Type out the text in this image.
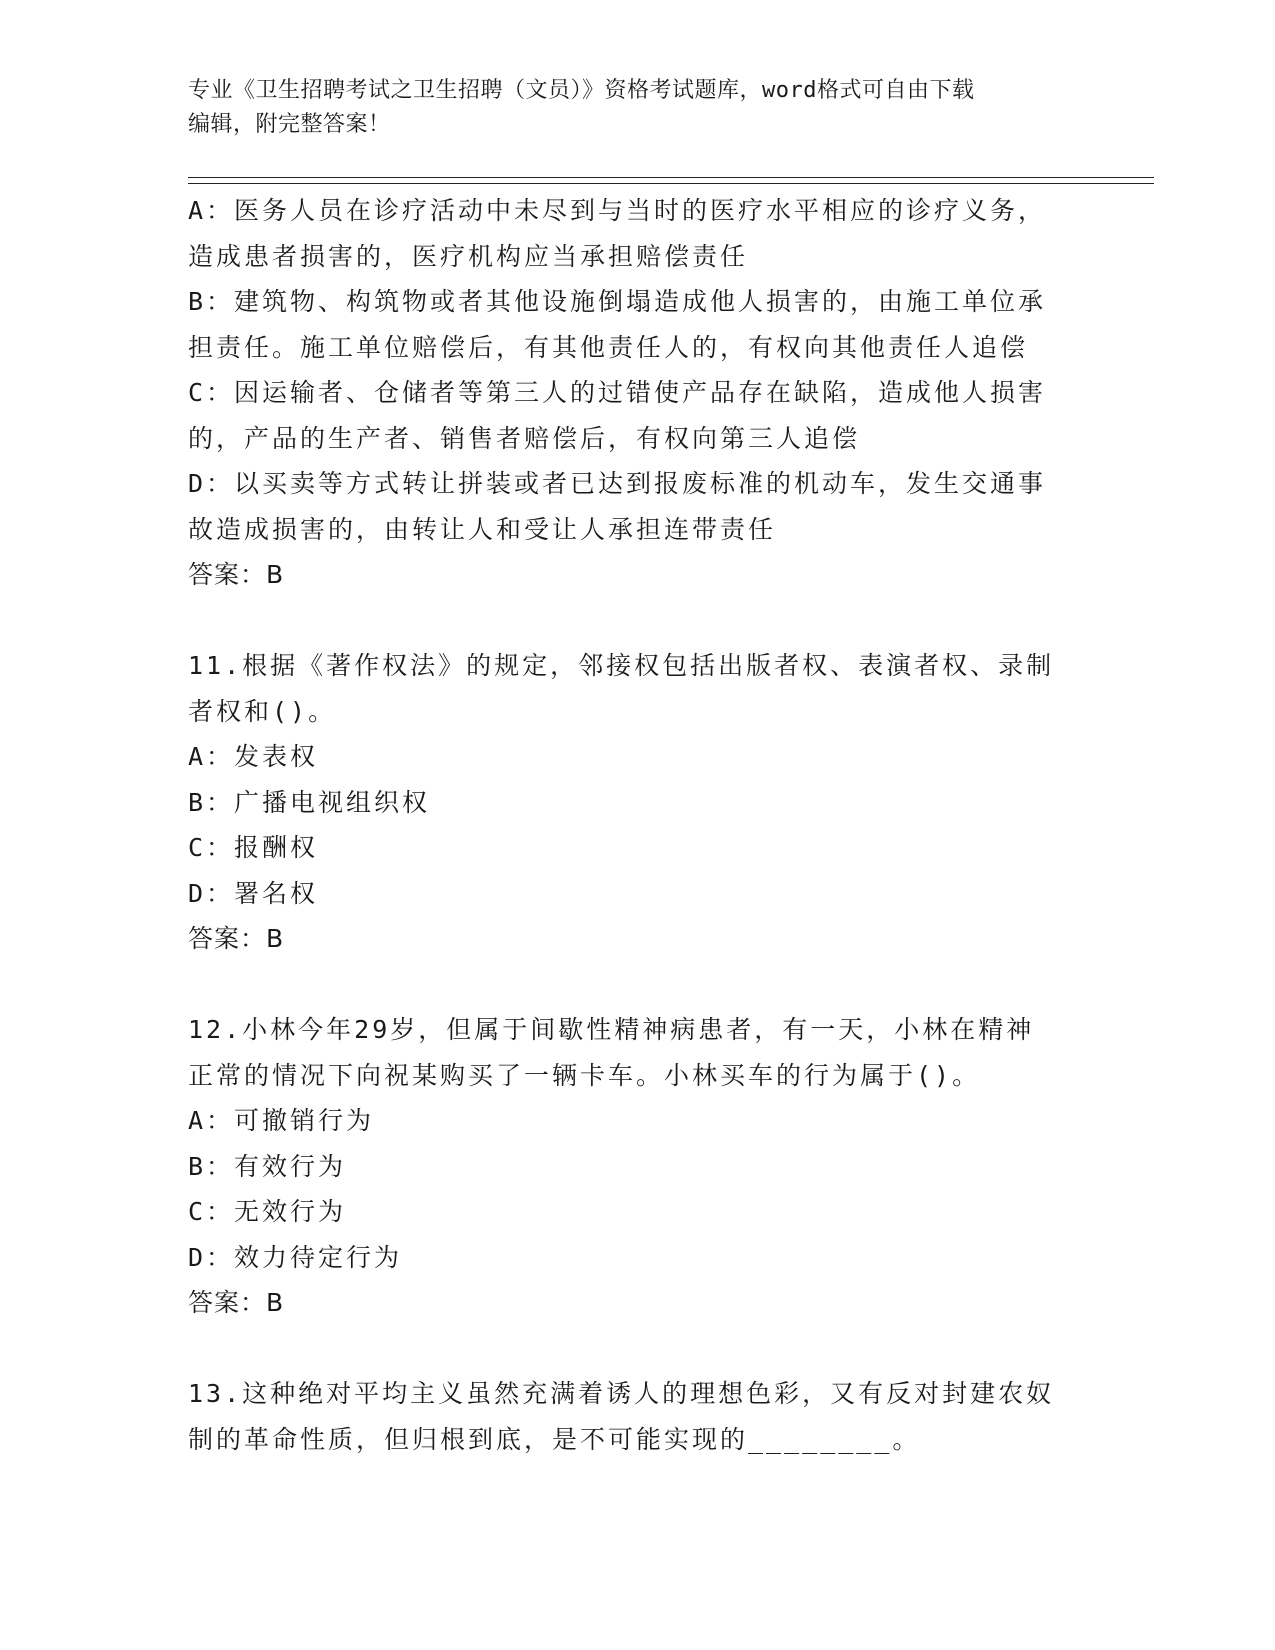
专业《卫生招聘考试之卫生招聘（文员）》资格考试题库，word格式可自由下载
编辑，附完整答案！
A：医务人员在诊疗活动中未尽到与当时的医疗水平相应的诊疗义务，
造成患者损害的，医疗机构应当承担赔偿责任
B：建筑物、构筑物或者其他设施倒塌造成他人损害的，由施工单位承
担责任。施工单位赔偿后，有其他责任人的，有权向其他责任人追偿
C：因运输者、仓储者等第三人的过错使产品存在缺陷，造成他人损害
的，产品的生产者、销售者赔偿后，有权向第三人追偿
D：以买卖等方式转让拼装或者已达到报废标准的机动车，发生交通事
故造成损害的，由转让人和受让人承担连带责任
答案：B
11.根据《著作权法》的规定，邻接权包括出版者权、表演者权、录制
者权和()。
A：发表权
B：广播电视组织权
C：报酬权
D：署名权
答案：B
12.小林今年29岁，但属于间歇性精神病患者，有一天，小林在精神
正常的情况下向祝某购买了一辆卡车。小林买车的行为属于()。
A：可撤销行为
B：有效行为
C：无效行为
D：效力待定行为
答案：B
13.这种绝对平均主义虽然充满着诱人的理想色彩，又有反对封建农奴
制的革命性质，但归根到底，是不可能实现的________。
